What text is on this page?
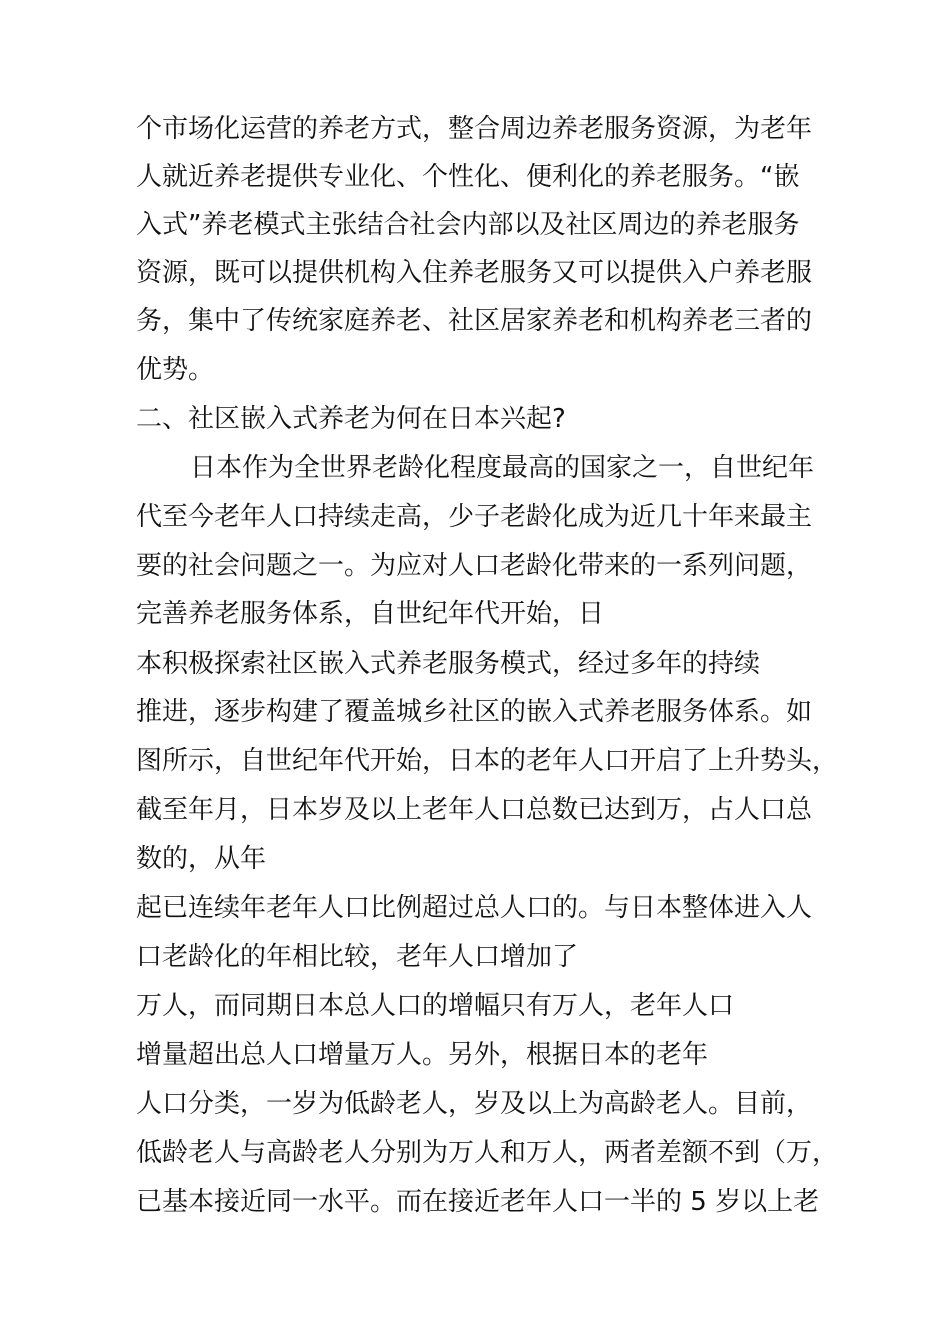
个市场化运营的养老方式，整合周边养老服务资源，为老年
人就近养老提供专业化、个性化、便利化的养老服务。“嵌
入式”养老模式主张结合社会内部以及社区周边的养老服务
资源，既可以提供机构入住养老服务又可以提供入户养老服
务，集中了传统家庭养老、社区居家养老和机构养老三者的
优势。
二、社区嵌入式养老为何在日本兴起?
日本作为全世界老龄化程度最高的国家之一，自世纪年
代至今老年人口持续走高，少子老龄化成为近几十年来最主
要的社会问题之一。为应对人口老龄化带来的一系列问题，
完善养老服务体系，自世纪年代开始，日
本积极探索社区嵌入式养老服务模式，经过多年的持续
推进，逐步构建了覆盖城乡社区的嵌入式养老服务体系。如
图所示，自世纪年代开始，日本的老年人口开启了上升势头，
截至年月，日本岁及以上老年人口总数已达到万，占人口总
数的，从年
起已连续年老年人口比例超过总人口的。与日本整体进入人
口老龄化的年相比较，老年人口增加了
万人，而同期日本总人口的增幅只有万人，老年人口
增量超出总人口增量万人。另外，根据日本的老年
人口分类，一岁为低龄老人，岁及以上为高龄老人。目前，
低龄老人与高龄老人分别为万人和万人，两者差额不到（万，
已基本接近同一水平。而在接近老年人口一半的 5 岁以上老
